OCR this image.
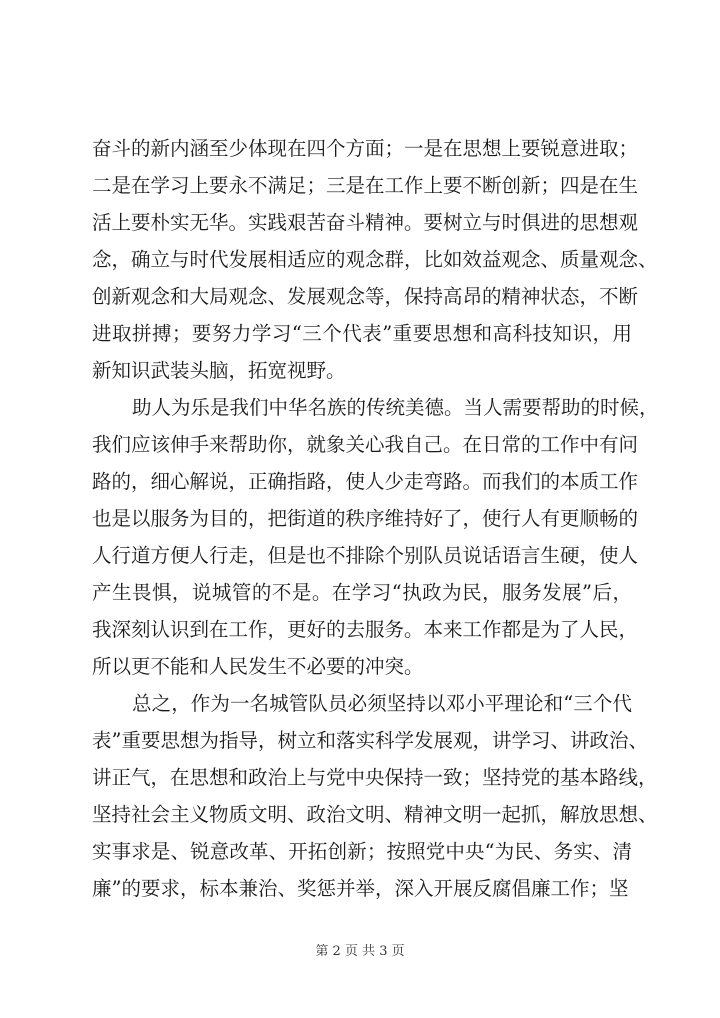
奋斗的新内涵至少体现在四个方面；一是在思想上要锐意进取；
二是在学习上要永不满足；三是在工作上要不断创新；四是在生
活上要朴实无华。实践艰苦奋斗精神。要树立与时俱进的思想观
念，确立与时代发展相适应的观念群，比如效益观念、质量观念、
创新观念和大局观念、发展观念等，保持高昂的精神状态，不断
进取拼搏；要努力学习“三个代表”重要思想和高科技知识，用
新知识武装头脑，拓宽视野。
助人为乐是我们中华名族的传统美德。当人需要帮助的时候，
我们应该伸手来帮助你，就象关心我自己。在日常的工作中有问
路的，细心解说，正确指路，使人少走弯路。而我们的本质工作
也是以服务为目的，把街道的秩序维持好了，使行人有更顺畅的
人行道方便人行走，但是也不排除个别队员说话语言生硬，使人
产生畏惧，说城管的不是。在学习“执政为民，服务发展”后，
我深刻认识到在工作，更好的去服务。本来工作都是为了人民，
所以更不能和人民发生不必要的冲突。
总之，作为一名城管队员必须坚持以邓小平理论和“三个代
表”重要思想为指导，树立和落实科学发展观，讲学习、讲政治、
讲正气，在思想和政治上与党中央保持一致；坚持党的基本路线，
坚持社会主义物质文明、政治文明、精神文明一起抓，解放思想、
实事求是、锐意改革、开拓创新；按照党中央“为民、务实、清
廉”的要求，标本兼治、奖惩并举，深入开展反腐倡廉工作；坚
第 2 页 共 3 页
